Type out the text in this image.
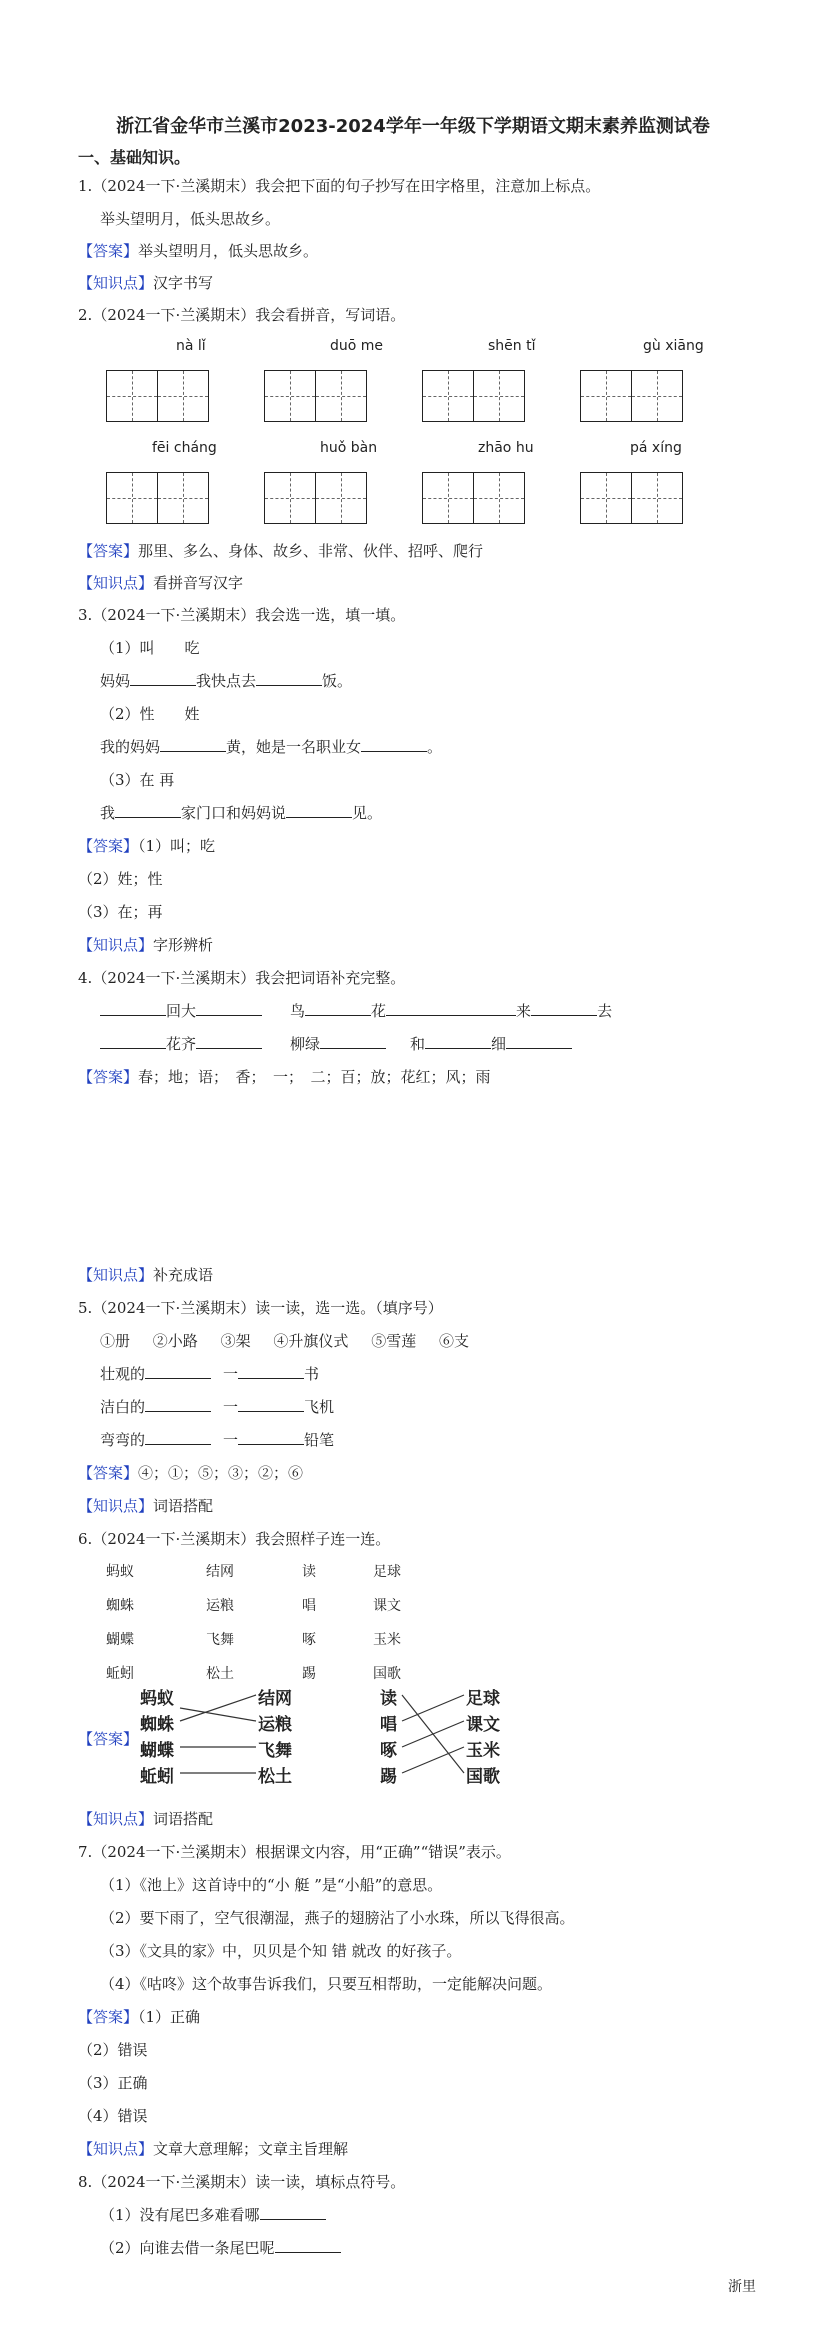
浙江省金华市兰溪市2023-2024学年一年级下学期语文期末素养监测试卷
一、基础知识。
1.（2024一下·兰溪期末）我会把下面的句子抄写在田字格里，注意加上标点。
举头望明月，低头思故乡。
【答案】举头望明月，低头思故乡。
【知识点】汉字书写
2.（2024一下·兰溪期末）我会看拼音，写词语。
nà lǐ	duō me	shēn tǐ	gù xiāng
fēi cháng	huǒ bàn	zhāo hu	pá xíng
【答案】那里、多么、身体、故乡、非常、伙伴、招呼、爬行
【知识点】看拼音写汉字
3.（2024一下·兰溪期末）我会选一选，填一填。
（1）叫　　吃
妈妈	我快点去	饭。
（2）性　　姓
我的妈妈	黄，她是一名职业女	。
（3）在 再
我	家门口和妈妈说	见。
【答案】（1）叫；吃
（2）姓；性
（3）在；再
【知识点】字形辨析
4.（2024一下·兰溪期末）我会把词语补充完整。
回大	鸟	花	来	去
花齐	柳绿	和	细
【答案】春；地；语；　香；　一；　二；百；放；花红；风；雨
【知识点】补充成语
5.（2024一下·兰溪期末）读一读，选一选。（填序号）
①册 ②小路 ③架 ④升旗仪式 ⑤雪莲 ⑥支
壮观的	一	书
洁白的	一	飞机
弯弯的	一	铅笔
【答案】④；①；⑤；③；②；⑥
【知识点】词语搭配
6.（2024一下·兰溪期末）我会照样子连一连。
蚂蚁	结网	读	足球
蜘蛛	运粮	唱	课文
蝴蝶	飞舞	啄	玉米
蚯蚓	松土	踢	国歌
【答案】
蚂蚁
蜘蛛
蝴蝶
蚯蚓
结网
运粮
飞舞
松土
读
唱
啄
踢
足球
课文
玉米
国歌
【知识点】词语搭配
7.（2024一下·兰溪期末）根据课文内容，用“正确”“错误”表示。
（1）《池上》这首诗中的“小 艇 ”是“小船”的意思。
（2）要下雨了，空气很潮湿，燕子的翅膀沾了小水珠，所以飞得很高。
（3）《文具的家》中，贝贝是个知 错 就改 的好孩子。
（4）《咕咚》这个故事告诉我们，只要互相帮助，一定能解决问题。
【答案】（1）正确
（2）错误
（3）正确
（4）错误
【知识点】文章大意理解；文章主旨理解
8.（2024一下·兰溪期末）读一读，填标点符号。
（1）没有尾巴多难看哪
（2）向谁去借一条尾巴呢
浙里
